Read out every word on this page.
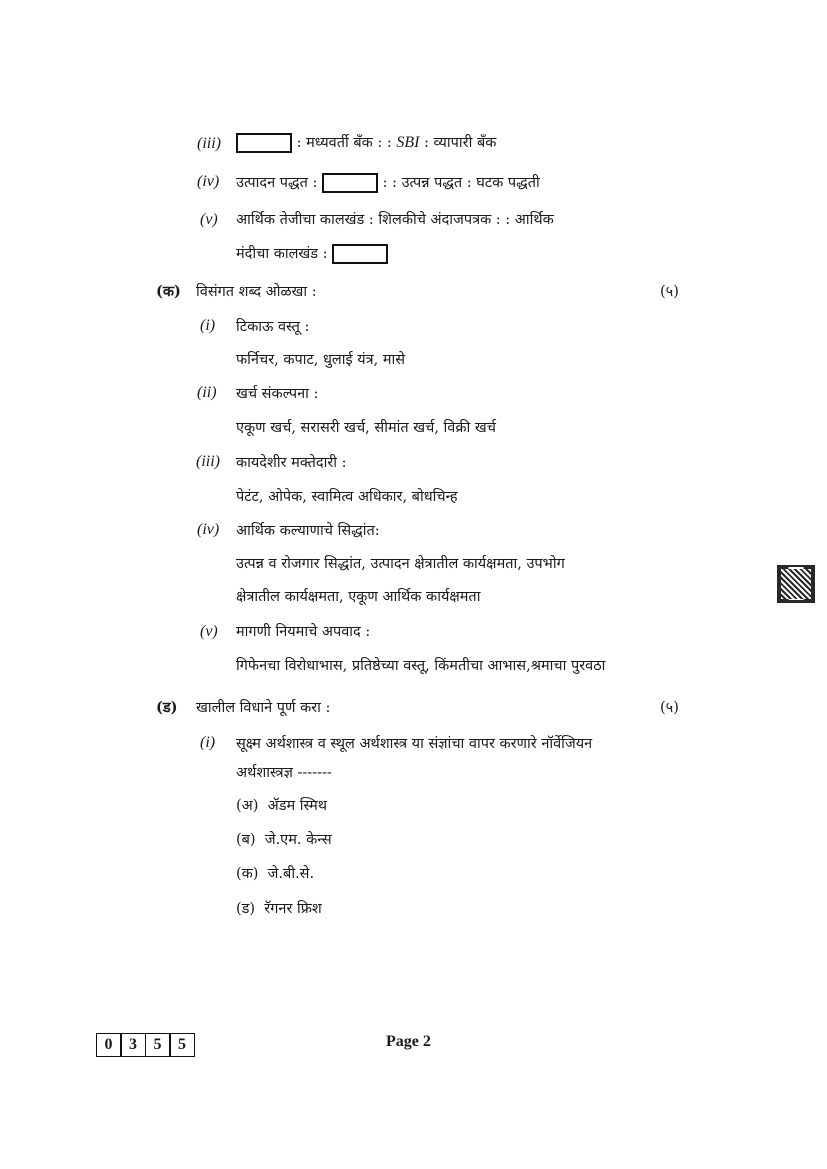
(iii)	: मध्यवर्ती बँक : : SBI : व्यापारी बँक
(iv) उत्पादन पद्धत :	: : उत्पन्न पद्धत : घटक पद्धती
(v) आर्थिक तेजीचा कालखंड : शिलकीचे अंदाजपत्रक : : आर्थिक
मंदीचा कालखंड :
(क) विसंगत शब्द ओळखा :	(५)
(i) टिकाऊ वस्तू :
फर्निचर, कपाट, धुलाई यंत्र, मासे
(ii) खर्च संकल्पना :
एकूण खर्च, सरासरी खर्च, सीमांत खर्च, विक्री खर्च
(iii) कायदेशीर मक्तेदारी :
पेटंट, ओपेक, स्वामित्व अधिकार, बोधचिन्ह
(iv) आर्थिक कल्याणाचे सिद्धांत:
उत्पन्न व रोजगार सिद्धांत, उत्पादन क्षेत्रातील कार्यक्षमता, उपभोग
क्षेत्रातील कार्यक्षमता, एकूण आर्थिक कार्यक्षमता
(v) मागणी नियमाचे अपवाद :
गिफेनचा विरोधाभास, प्रतिष्ठेच्या वस्तू, किंमतीचा आभास,श्रमाचा पुरवठा
(ड) खालील विधाने पूर्ण करा :	(५)
(i) सूक्ष्म अर्थशास्त्र व स्थूल अर्थशास्त्र या संज्ञांचा वापर करणारे नॉर्वेजियन
अर्थशास्त्रज्ञ -------
(अ) ॲडम स्मिथ
(ब) जे.एम. केन्स
(क) जे.बी.से.
(ड) रॅगनर फ्रिश
0	3	5	5	Page 2
